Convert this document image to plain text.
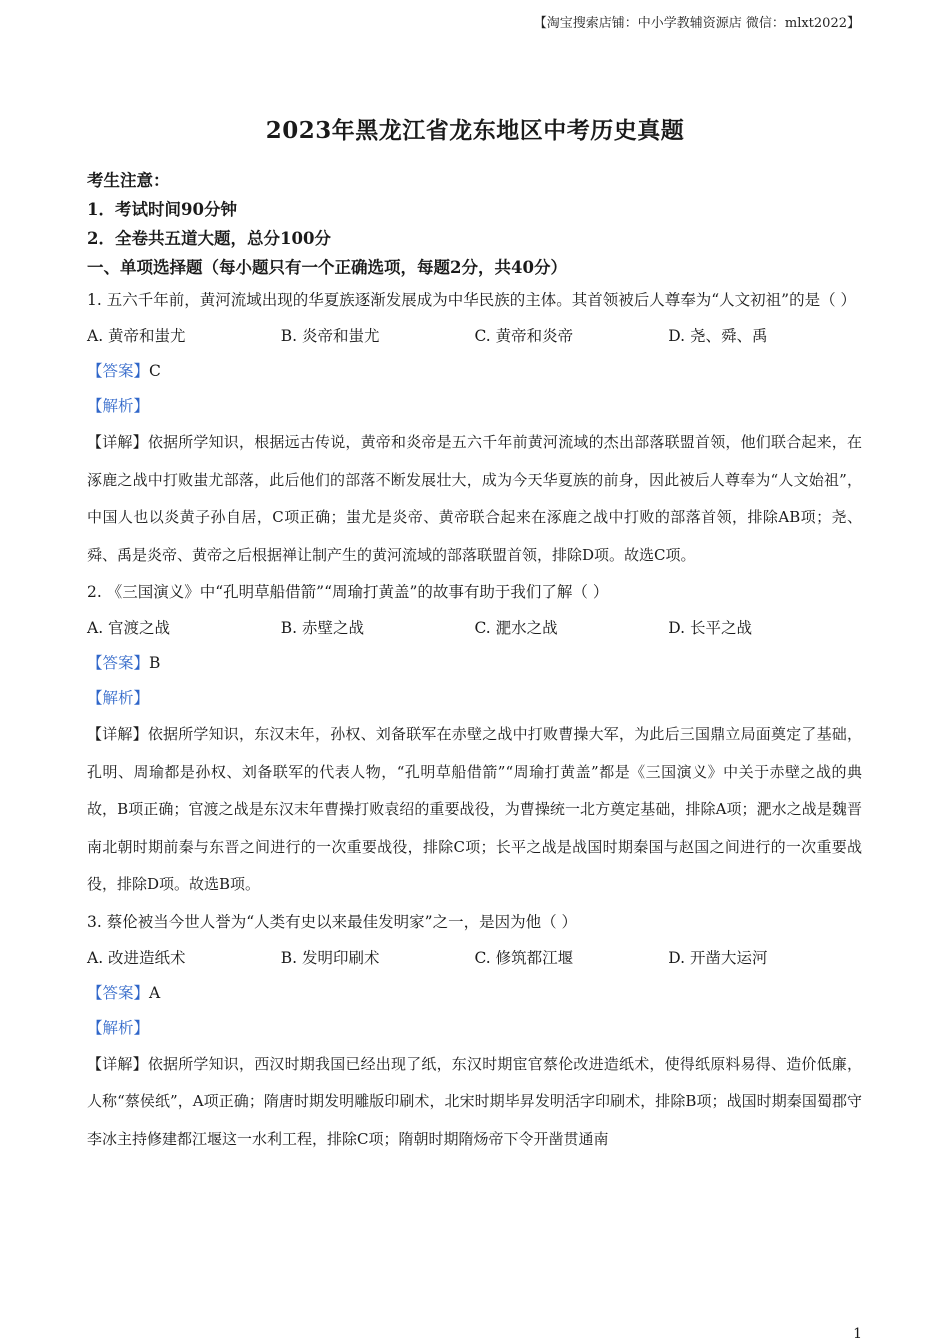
【淘宝搜索店铺：中小学教辅资源店 微信：mlxt2022】
2023年黑龙江省龙东地区中考历史真题
考生注意：
1．考试时间90分钟
2．全卷共五道大题，总分100分
一、单项选择题（每小题只有一个正确选项，每题2分，共40分）
1. 五六千年前，黄河流域出现的华夏族逐渐发展成为中华民族的主体。其首领被后人尊奉为“人文初祖”的是（ ）
A. 黄帝和蚩尤	B. 炎帝和蚩尤	C. 黄帝和炎帝	D. 尧、舜、禹
【答案】C
【解析】
【详解】依据所学知识，根据远古传说，黄帝和炎帝是五六千年前黄河流域的杰出部落联盟首领，他们联合起来，在涿鹿之战中打败蚩尤部落，此后他们的部落不断发展壮大，成为今天华夏族的前身，因此被后人尊奉为“人文始祖”，中国人也以炎黄子孙自居，C项正确；蚩尤是炎帝、黄帝联合起来在涿鹿之战中打败的部落首领，排除AB项；尧、舜、禹是炎帝、黄帝之后根据禅让制产生的黄河流域的部落联盟首领，排除D项。故选C项。
2. 《三国演义》中“孔明草船借箭”“周瑜打黄盖”的故事有助于我们了解（ ）
A. 官渡之战	B. 赤壁之战	C. 淝水之战	D. 长平之战
【答案】B
【解析】
【详解】依据所学知识，东汉末年，孙权、刘备联军在赤壁之战中打败曹操大军，为此后三国鼎立局面奠定了基础，孔明、周瑜都是孙权、刘备联军的代表人物，“孔明草船借箭”“周瑜打黄盖”都是《三国演义》中关于赤壁之战的典故，B项正确；官渡之战是东汉末年曹操打败袁绍的重要战役，为曹操统一北方奠定基础，排除A项；淝水之战是魏晋南北朝时期前秦与东晋之间进行的一次重要战役，排除C项；长平之战是战国时期秦国与赵国之间进行的一次重要战役，排除D项。故选B项。
3. 蔡伦被当今世人誉为“人类有史以来最佳发明家”之一，是因为他（ ）
A. 改进造纸术	B. 发明印刷术	C. 修筑都江堰	D. 开凿大运河
【答案】A
【解析】
【详解】依据所学知识，西汉时期我国已经出现了纸，东汉时期宦官蔡伦改进造纸术，使得纸原料易得、造价低廉，人称“蔡侯纸”，A项正确；隋唐时期发明雕版印刷术，北宋时期毕昇发明活字印刷术，排除B项；战国时期秦国蜀郡守李冰主持修建都江堰这一水利工程，排除C项；隋朝时期隋炀帝下令开凿贯通南
1
